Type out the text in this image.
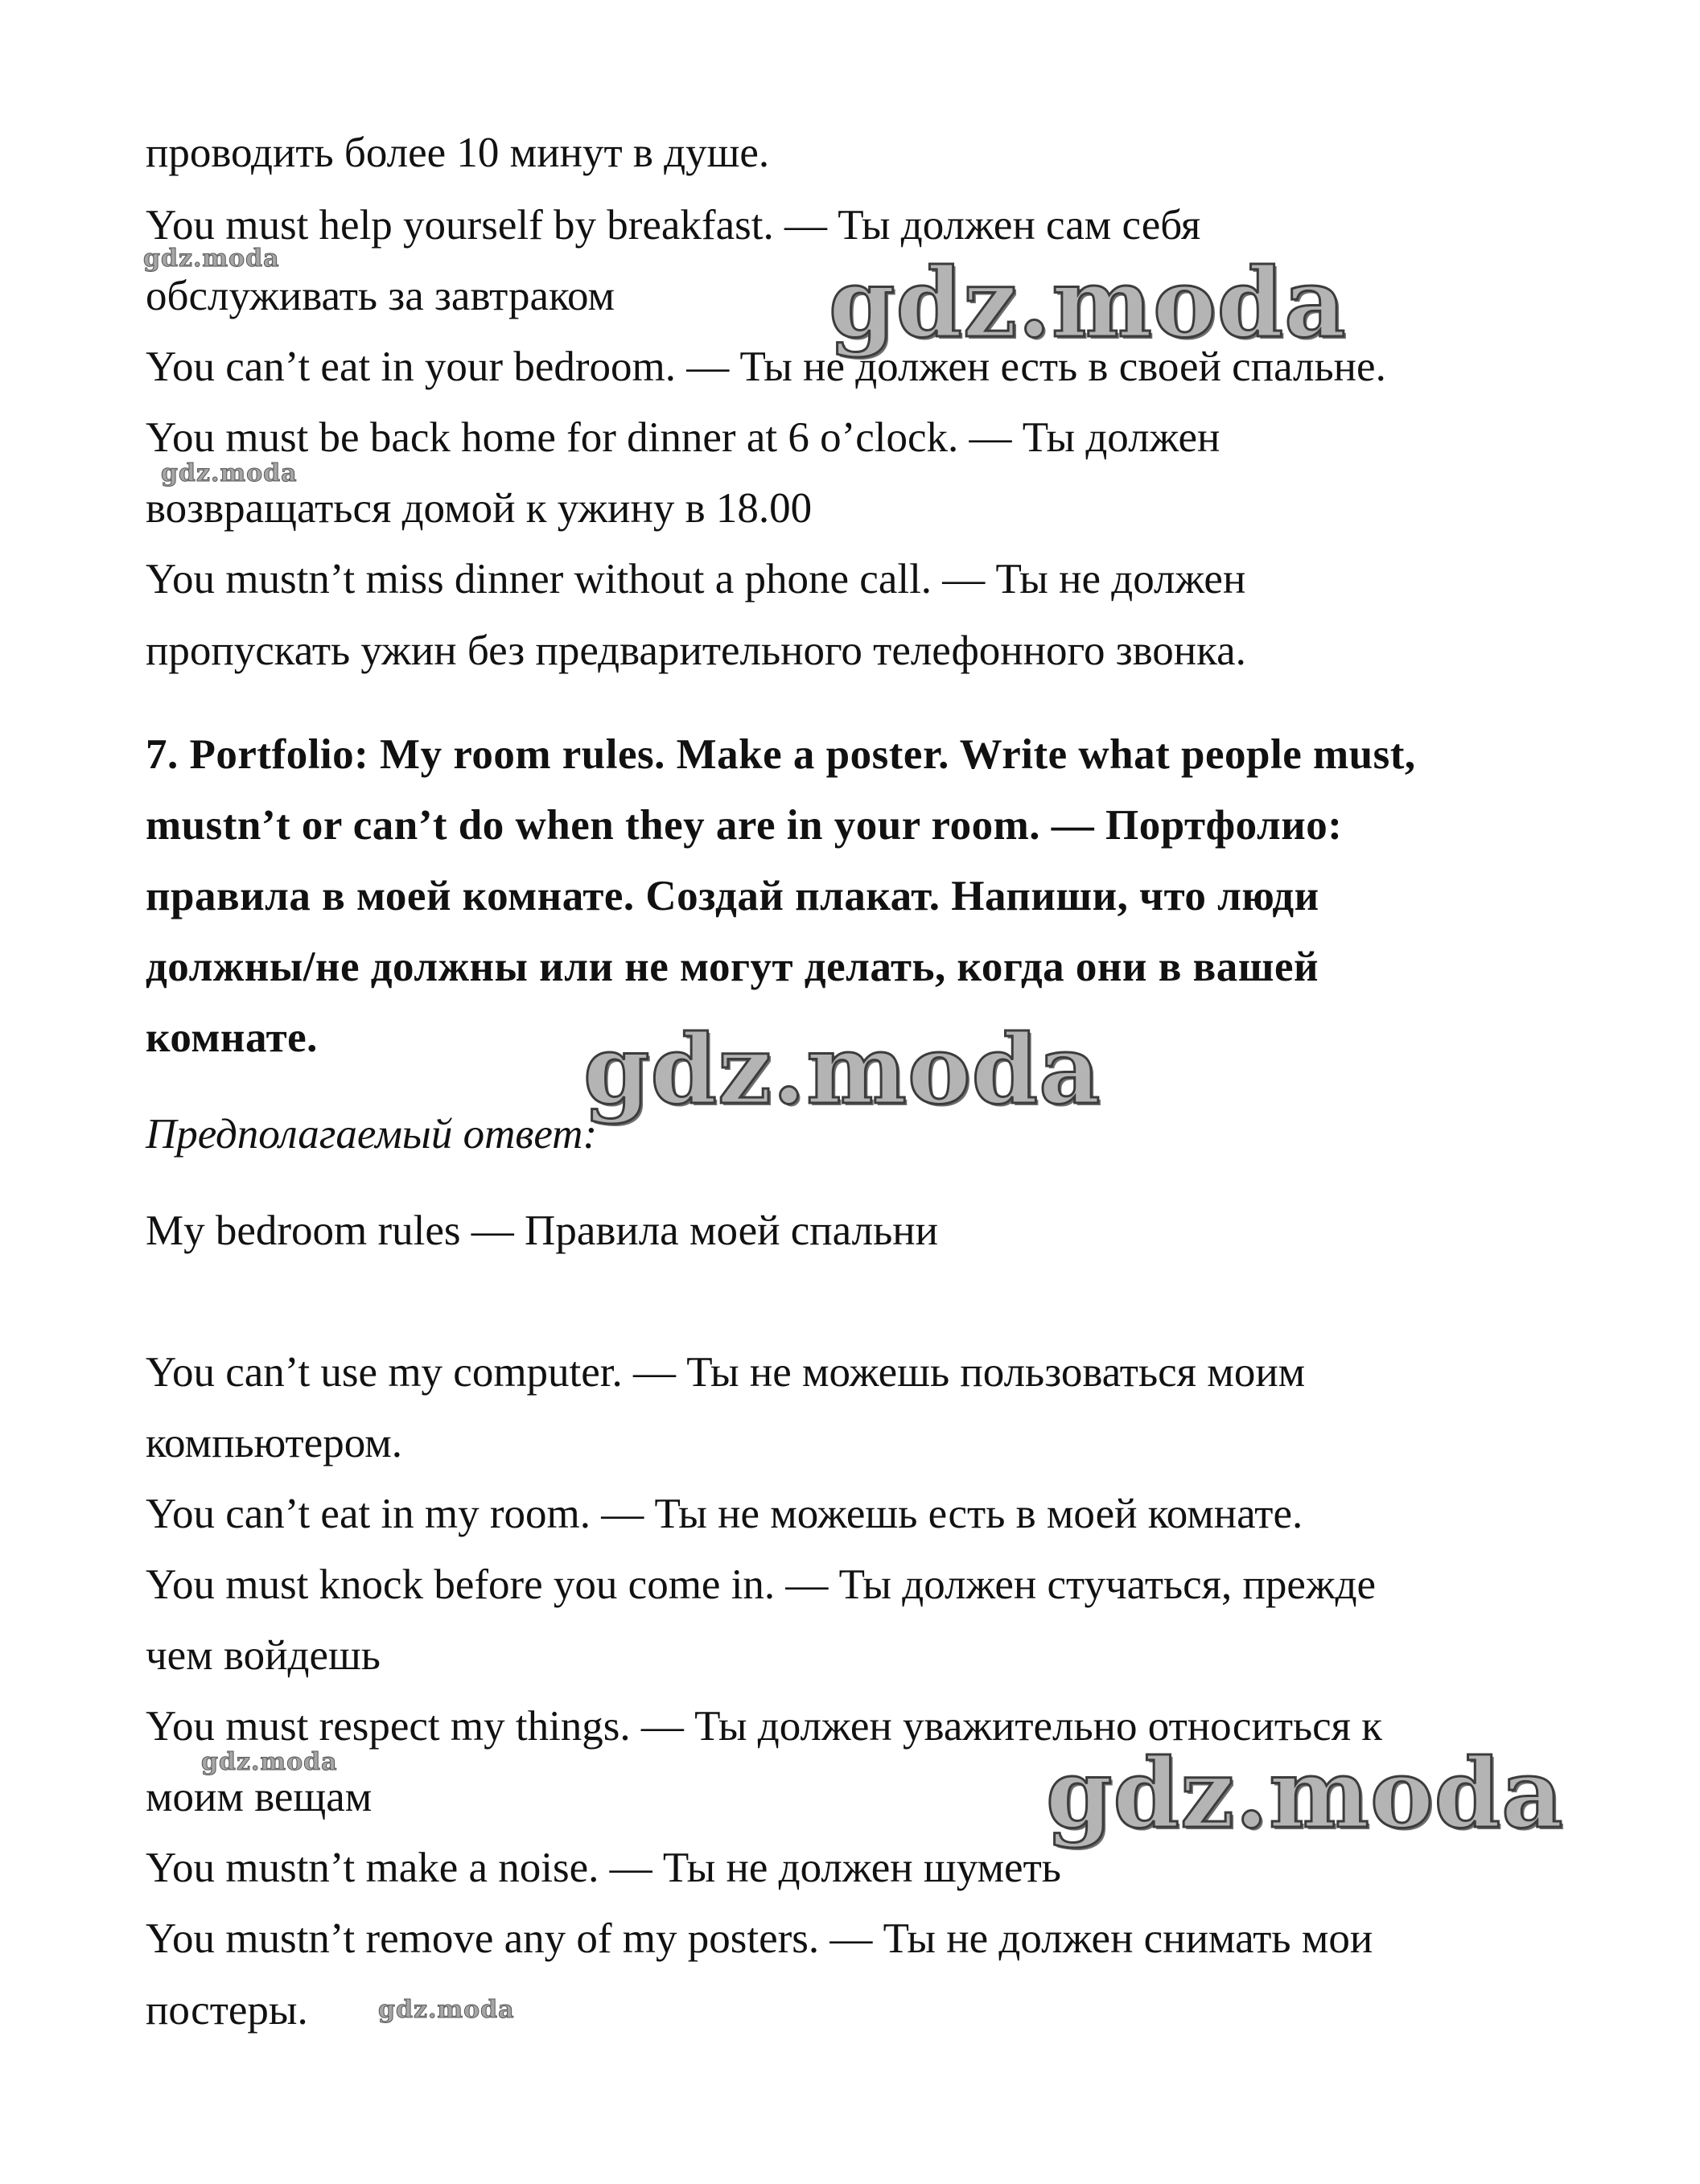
проводить более 10 минут в душе.
You must help yourself by breakfast. — Ты должен сам себя
обслуживать за завтраком
You can’t eat in your bedroom. — Ты не должен есть в своей спальне.
You must be back home for dinner at 6 o’clock. — Ты должен
возвращаться домой к ужину в 18.00
You mustn’t miss dinner without a phone call. — Ты не должен
пропускать ужин без предварительного телефонного звонка.
7. Portfolio: My room rules. Make a poster. Write what people must,
mustn’t or can’t do when they are in your room. — Портфолио:
правила в моей комнате. Создай плакат. Напиши, что люди
должны/не должны или не могут делать, когда они в вашей
комнате.
Предполагаемый ответ:
My bedroom rules — Правила моей спальни
You can’t use my computer. — Ты не можешь пользоваться моим
компьютером.
You can’t eat in my room. — Ты не можешь есть в моей комнате.
You must knock before you come in. — Ты должен стучаться, прежде
чем войдешь
You must respect my things. — Ты должен уважительно относиться к
моим вещам
You mustn’t make a noise. — Ты не должен шуметь
You mustn’t remove any of my posters. — Ты не должен снимать мои
постеры.
gdz.moda	gdz.moda
gdz.moda
gdz.moda
gdz.moda	gdz.moda
gdz.moda
